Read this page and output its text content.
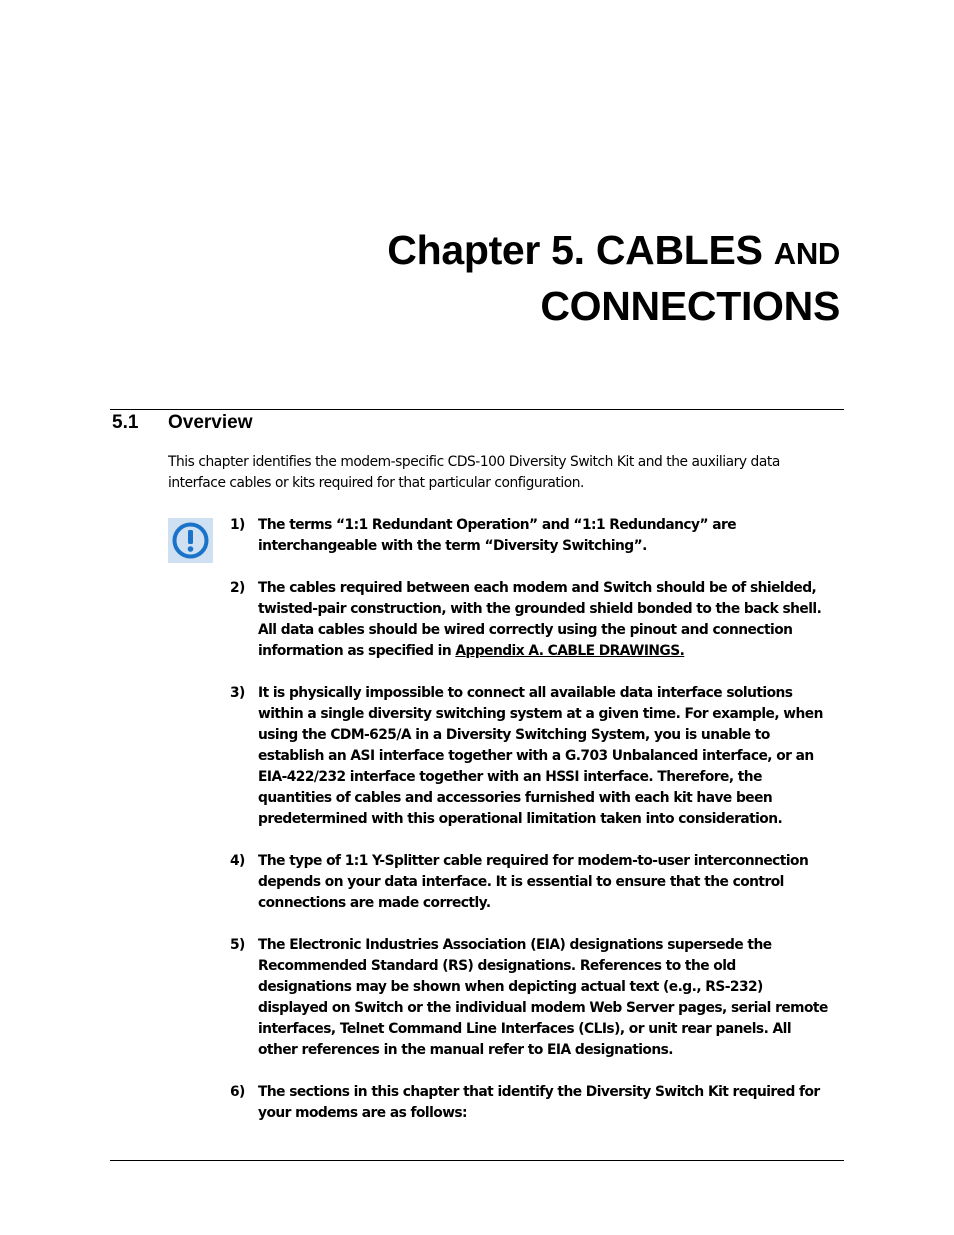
Chapter 5. CABLES AND
CONNECTIONS
5.1 Overview
This chapter identifies the modem-specific CDS-100 Diversity Switch Kit and the auxiliary data interface cables or kits required for that particular configuration.
1) The terms “1:1 Redundant Operation” and “1:1 Redundancy” are interchangeable with the term “Diversity Switching”.
2) The cables required between each modem and Switch should be of shielded, twisted-pair construction, with the grounded shield bonded to the back shell. All data cables should be wired correctly using the pinout and connection information as specified in Appendix A. CABLE DRAWINGS.
3) It is physically impossible to connect all available data interface solutions within a single diversity switching system at a given time. For example, when using the CDM-625/A in a Diversity Switching System, you is unable to establish an ASI interface together with a G.703 Unbalanced interface, or an EIA-422/232 interface together with an HSSI interface. Therefore, the quantities of cables and accessories furnished with each kit have been predetermined with this operational limitation taken into consideration.
4) The type of 1:1 Y-Splitter cable required for modem-to-user interconnection depends on your data interface. It is essential to ensure that the control connections are made correctly.
5) The Electronic Industries Association (EIA) designations supersede the Recommended Standard (RS) designations. References to the old designations may be shown when depicting actual text (e.g., RS-232) displayed on Switch or the individual modem Web Server pages, serial remote interfaces, Telnet Command Line Interfaces (CLIs), or unit rear panels. All other references in the manual refer to EIA designations.
6) The sections in this chapter that identify the Diversity Switch Kit required for your modems are as follows:
